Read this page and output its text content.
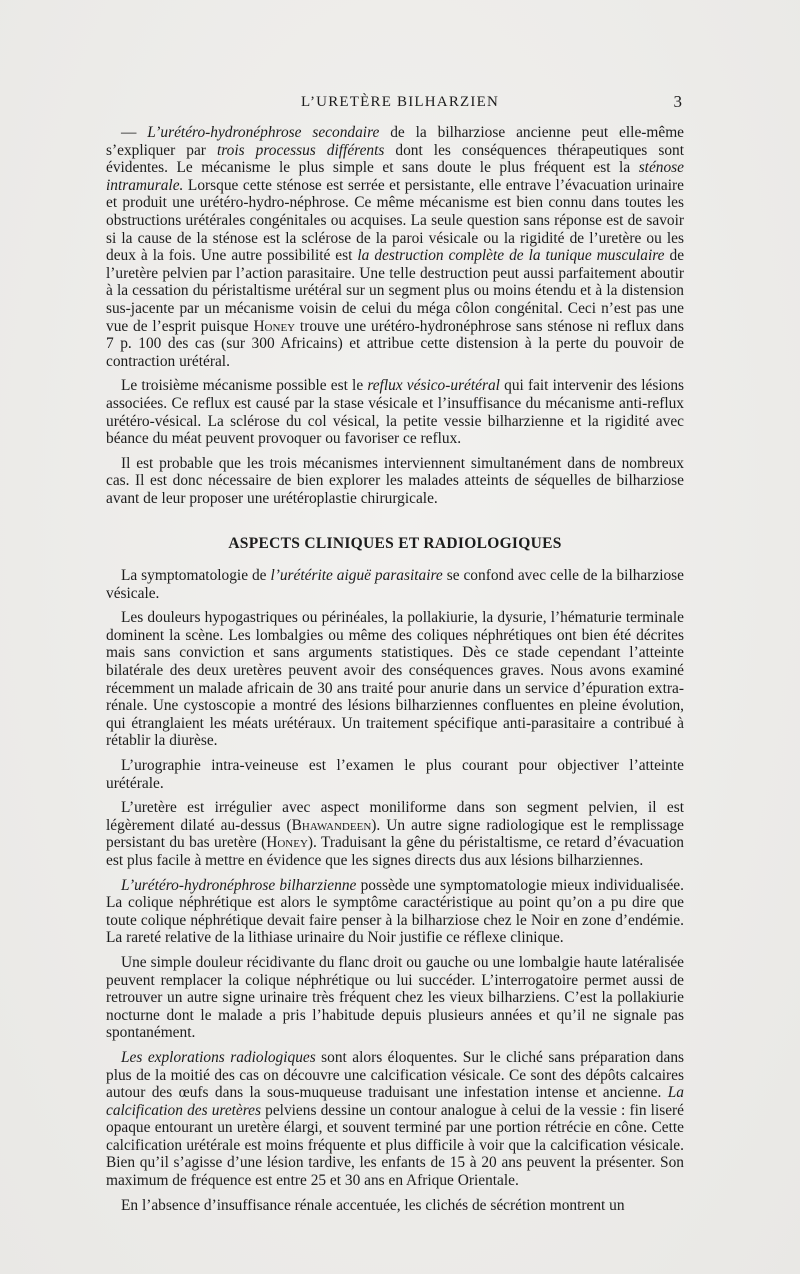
L’URETÈRE BILHARZIEN	3

— L’urétéro-hydronéphrose secondaire de la bilharziose ancienne peut elle-même s’expliquer par trois processus différents dont les conséquences thérapeutiques sont évidentes. Le mécanisme le plus simple et sans doute le plus fréquent est la sténose intramurale. Lorsque cette sténose est serrée et persistante, elle entrave l’évacuation urinaire et produit une urétéro-hydro-néphrose. Ce même mécanisme est bien connu dans toutes les obstructions urétérales congénitales ou acquises. La seule question sans réponse est de savoir si la cause de la sténose est la sclérose de la paroi vésicale ou la rigidité de l’uretère ou les deux à la fois. Une autre possibilité est la destruction complète de la tunique musculaire de l’uretère pelvien par l’action parasitaire. Une telle destruction peut aussi parfaitement aboutir à la cessation du péristaltisme urétéral sur un segment plus ou moins étendu et à la distension sus-jacente par un mécanisme voisin de celui du méga côlon congénital. Ceci n’est pas une vue de l’esprit puisque Honey trouve une urétéro-hydronéphrose sans sténose ni reflux dans 7 p. 100 des cas (sur 300 Africains) et attribue cette distension à la perte du pouvoir de contraction urétéral.

Le troisième mécanisme possible est le reflux vésico-urétéral qui fait intervenir des lésions associées. Ce reflux est causé par la stase vésicale et l’insuffisance du mécanisme anti-reflux urétéro-vésical. La sclérose du col vésical, la petite vessie bilharzienne et la rigidité avec béance du méat peuvent provoquer ou favoriser ce reflux.

Il est probable que les trois mécanismes interviennent simultanément dans de nombreux cas. Il est donc nécessaire de bien explorer les malades atteints de séquelles de bilharziose avant de leur proposer une urétéroplastie chirurgicale.

ASPECTS CLINIQUES ET RADIOLOGIQUES

La symptomatologie de l’urétérite aiguë parasitaire se confond avec celle de la bilharziose vésicale.

Les douleurs hypogastriques ou périnéales, la pollakiurie, la dysurie, l’hématurie terminale dominent la scène. Les lombalgies ou même des coliques néphrétiques ont bien été décrites mais sans conviction et sans arguments statistiques. Dès ce stade cependant l’atteinte bilatérale des deux uretères peuvent avoir des conséquences graves. Nous avons examiné récemment un malade africain de 30 ans traité pour anurie dans un service d’épuration extra-rénale. Une cystoscopie a montré des lésions bilharziennes confluentes en pleine évolution, qui étranglaient les méats urétéraux. Un traitement spécifique anti-parasitaire a contribué à rétablir la diurèse.

L’urographie intra-veineuse est l’examen le plus courant pour objectiver l’atteinte urétérale.

L’uretère est irrégulier avec aspect moniliforme dans son segment pelvien, il est légèrement dilaté au-dessus (Bhawandeen). Un autre signe radiologique est le remplissage persistant du bas uretère (Honey). Traduisant la gêne du péristaltisme, ce retard d’évacuation est plus facile à mettre en évidence que les signes directs dus aux lésions bilharziennes.

L’urétéro-hydronéphrose bilharzienne possède une symptomatologie mieux individualisée. La colique néphrétique est alors le symptôme caractéristique au point qu’on a pu dire que toute colique néphrétique devait faire penser à la bilharziose chez le Noir en zone d’endémie. La rareté relative de la lithiase urinaire du Noir justifie ce réflexe clinique.

Une simple douleur récidivante du flanc droit ou gauche ou une lombalgie haute latéralisée peuvent remplacer la colique néphrétique ou lui succéder. L’interrogatoire permet aussi de retrouver un autre signe urinaire très fréquent chez les vieux bilharziens. C’est la pollakiurie nocturne dont le malade a pris l’habitude depuis plusieurs années et qu’il ne signale pas spontanément.

Les explorations radiologiques sont alors éloquentes. Sur le cliché sans préparation dans plus de la moitié des cas on découvre une calcification vésicale. Ce sont des dépôts calcaires autour des œufs dans la sous-muqueuse traduisant une infestation intense et ancienne. La calcification des uretères pelviens dessine un contour analogue à celui de la vessie : fin liseré opaque entourant un uretère élargi, et souvent terminé par une portion rétrécie en cône. Cette calcification urétérale est moins fréquente et plus difficile à voir que la calcification vésicale. Bien qu’il s’agisse d’une lésion tardive, les enfants de 15 à 20 ans peuvent la présenter. Son maximum de fréquence est entre 25 et 30 ans en Afrique Orientale.

En l’absence d’insuffisance rénale accentuée, les clichés de sécrétion montrent un
